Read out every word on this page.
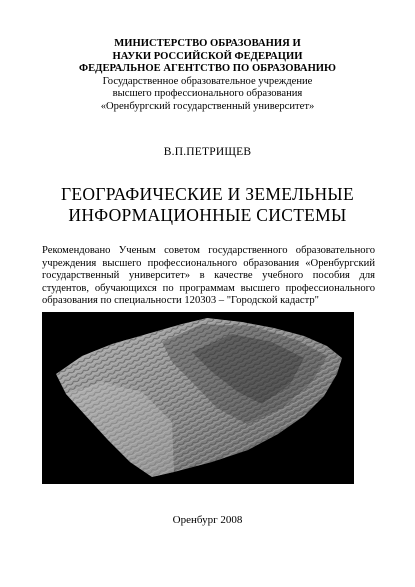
МИНИСТЕРСТВО ОБРАЗОВАНИЯ И
НАУКИ РОССИЙСКОЙ ФЕДЕРАЦИИ
ФЕДЕРАЛЬНОЕ АГЕНТСТВО ПО ОБРАЗОВАНИЮ
Государственное образовательное учреждение
высшего профессионального образования
«Оренбургский государственный университет»
В.П.ПЕТРИЩЕВ
ГЕОГРАФИЧЕСКИЕ И ЗЕМЕЛЬНЫЕ
ИНФОРМАЦИОННЫЕ СИСТЕМЫ
Рекомендовано Ученым советом государственного образовательного учреждения высшего профессионального образования «Оренбургский государственный университет» в качестве учебного пособия для студентов, обучающихся по программам высшего профессионального образования по специальности 120303 – "Городской кадастр"
Оренбург 2008
